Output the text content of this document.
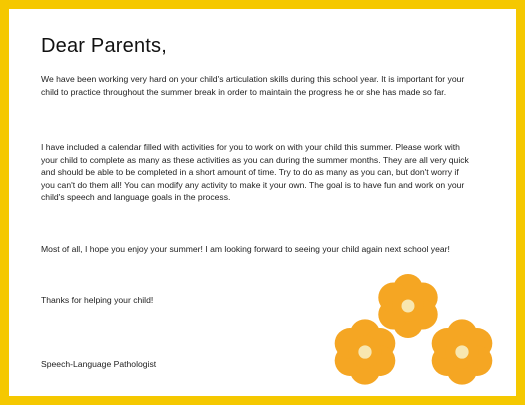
Dear Parents,

We have been working very hard on your child's articulation skills during this school year. It is important for your child to practice throughout the summer break in order to maintain the progress he or she has made so far.

I have included a calendar filled with activities for you to work on with your child this summer. Please work with your child to complete as many as these activities as you can during the summer months. They are all very quick and should be able to be completed in a short amount of time. Try to do as many as you can, but don't worry if you can't do them all! You can modify any activity to make it your own. The goal is to have fun and work on your child's speech and language goals in the process.

Most of all, I hope you enjoy your summer! I am looking forward to seeing your child again next school year!

Thanks for helping your child!

Speech-Language Pathologist
